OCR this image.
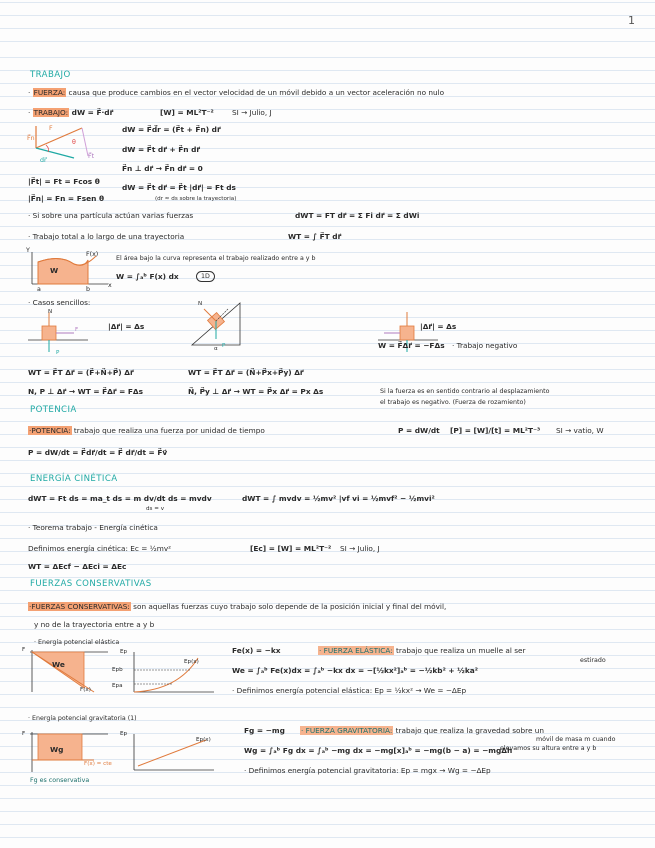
1
TRABAJO
· FUERZA: causa que produce cambios en el vector velocidad de un móvil debido a un vector aceleración no nulo
· TRABAJO: dW = F⃗·dr⃗	[W] = ML²T⁻²	SI → Julio, J
F
F⃗n
F⃗t
dr⃗
θ
dW = F⃗d⃗r = (F⃗t + F⃗n) dr⃗
dW = F⃗t dr⃗ + F⃗n dr⃗
F⃗n ⊥ dr⃗ → F⃗n dr⃗ = 0
|F⃗t| = Ft = Fcos θ
dW = F⃗t dr⃗ = F⃗t |dr⃗| = Ft ds
|F⃗n| = Fn = Fsen θ	(dr ≈ ds sobre la trayectoria)
· Si sobre una partícula actúan varias fuerzas	dWT = FT dr⃗ = Σ Fi dr⃗ = Σ dWi
· Trabajo total a lo largo de una trayectoria	WT = ∫ F⃗T dr⃗
Y
F(x)
W
a	b
x
El área bajo la curva representa el trabajo realizado entre a y b
W = ∫ₐᵇ F(x) dx	1D
· Casos sencillos:
N
F
P
|Δr⃗| = Δs
N
P
α
|Δr⃗| = Δs
W = F⃗Δr⃗ = −FΔs · Trabajo negativo
WT = F⃗T Δr⃗ = (F⃗+N⃗+P⃗) Δr⃗	WT = F⃗T Δr⃗ = (N⃗+P⃗x+P⃗y) Δr⃗
N, P ⊥ Δr⃗ → WT = F⃗Δr⃗ = FΔs	N⃗, P⃗y ⊥ Δr⃗ → WT = P⃗x Δr⃗ = Px Δs	Si la fuerza es en sentido contrario al desplazamiento
el trabajo es negativo. (Fuerza de rozamiento)
POTENCIA
·POTENCIA: trabajo que realiza una fuerza por unidad de tiempo	P = dW/dt [P] = [W]/[t] = ML²T⁻³ SI → vatio, W
P = dW/dt = F⃗dr⃗/dt = F⃗ dr⃗/dt = F⃗v⃗
ENERGÍA CINÉTICA
dWT = Ft ds = ma_t ds = m dv/dt ds = mvdv
ds = v
dWT = ∫ mvdv = ½mv² |vf vi = ½mvf² − ½mvi²
· Teorema trabajo - Energía cinética
Definimos energía cinética: Ec = ½mv²	[Ec] = [W] = ML²T⁻² SI → Julio, J
WT = ΔEcf − ΔEci = ΔEc
FUERZAS CONSERVATIVAS
·FUERZAS CONSERVATIVAS: son aquellas fuerzas cuyo trabajo solo depende de la posición inicial y final del móvil,
y no de la trayectoria entre a y b
· Energía potencial elástica
F
We
F(x)
Ep
Epb
Epa
Ep(x)
Fe(x) = −kx	· FUERZA ELÁSTICA: trabajo que realiza un muelle al ser
estirado
We = ∫ₐᵇ Fe(x)dx = ∫ₐᵇ −kx dx = −[½kx²]ₐᵇ = −½kb² + ½ka²
· Definimos energía potencial elástica: Ep = ½kx² → We = −ΔEp
· Energía potencial gravitatoria (1)
F
Wg
F(x) = cte
Fg es conservativa
Ep
Ep(x)
Fg = −mg · FUERZA GRAVITATORIA: trabajo que realiza la gravedad sobre un
móvil de masa m cuando
elevamos su altura entre a y b
Wg = ∫ₐᵇ Fg dx = ∫ₐᵇ −mg dx = −mg[x]ₐᵇ = −mg(b − a) = −mgΔh
· Definimos energía potencial gravitatoria: Ep = mgx → Wg = −ΔEp
